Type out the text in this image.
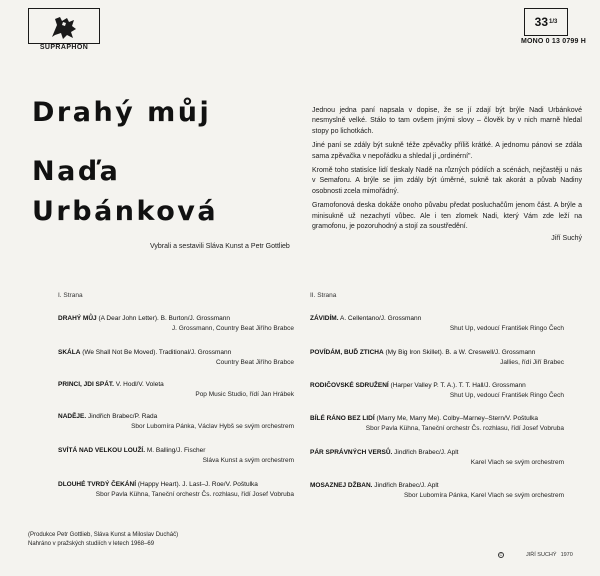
SUPRAPHON
33 1/3
MONO 0 13 0799 H
Drahý můj
Naďa
Urbánková
Vybrali a sestavili Sláva Kunst a Petr Gottlieb

Jednou jedna paní napsala v dopise, že se jí zdají být brýle Nadi Urbánkové nesmyslně velké. Stálo to tam ovšem jinými slovy – člověk by v nich marně hledal stopy po lichotkách.

Jiné paní se zdály být sukně téže zpěvačky příliš krátké. A jednomu pánovi se zdála sama zpěvačka v nepořádku a shledal ji „ordinérní".

Kromě toho statisíce lidí tleskaly Nadě na různých pódiích a scénách, nejčastěji u nás v Semaforu. A brýle se jim zdály být úměrné, sukně tak akorát a půvab Nadiny osobnosti zcela mimořádný.

Gramofonová deska dokáže onoho půvabu předat posluchačům jenom část. A brýle a minisukně už nezachytí vůbec. Ale i ten zlomek Nadi, který Vám zde leží na gramofonu, je pozoruhodný a stojí za soustředění.

Jiří Suchý
I. Strana	II. Strana
DRAHÝ MŮJ (A Dear John Letter). B. Burton/J. Grossmann
J. Grossmann, Country Beat Jiřího Brabce
SKÁLA (We Shall Not Be Moved). Traditional/J. Grossmann
Country Beat Jiřího Brabce
PRINCI, JDI SPÁT. V. Hodl/V. Voleta
Pop Music Studio, řídí Jan Hrábek
NADĚJE. Jindřich Brabec/P. Rada
Sbor Lubomíra Pánka, Václav Hybš se svým orchestrem
SVÍTÁ NAD VELKOU LOUŽÍ. M. Balling/J. Fischer
Sláva Kunst a svým orchestrem
DLOUHÉ TVRDÝ ČEKÁNÍ (Happy Heart). J. Last–J. Roe/V. Poštulka
Sbor Pavla Kühna, Taneční orchestr Čs. rozhlasu, řídí Josef Vobruba
ZÁVIDÍM. A. Cellentano/J. Grossmann
Shut Up, vedoucí František Ringo Čech
POVÍDÁM, BUĎ ZTICHA (My Big Iron Skillet). B. a W. Creswell/J. Grossmann
Jallies, řídí Jiří Brabec
RODIČOVSKÉ SDRUŽENÍ (Harper Valley P. T. A.). T. T. Hall/J. Grossmann
Shut Up, vedoucí František Ringo Čech
BÍLÉ RÁNO BEZ LIDÍ (Marry Me, Marry Me). Colby–Marney–Stern/V. Poštulka
Sbor Pavla Kühna, Taneční orchestr Čs. rozhlasu, řídí Josef Vobruba
PÁR SPRÁVNÝCH VERSŮ. Jindřich Brabec/J. Aplt
Karel Vlach se svým orchestrem
MOSAZNEJ DŽBAN. Jindřich Brabec/J. Aplt
Sbor Lubomíra Pánka, Karel Vlach se svým orchestrem
(Produkce Petr Gottlieb, Sláva Kunst a Miloslav Ducháč)
Nahráno v pražských studiích v letech 1968–69
C	JIŘÍ SUCHÝ 1970
